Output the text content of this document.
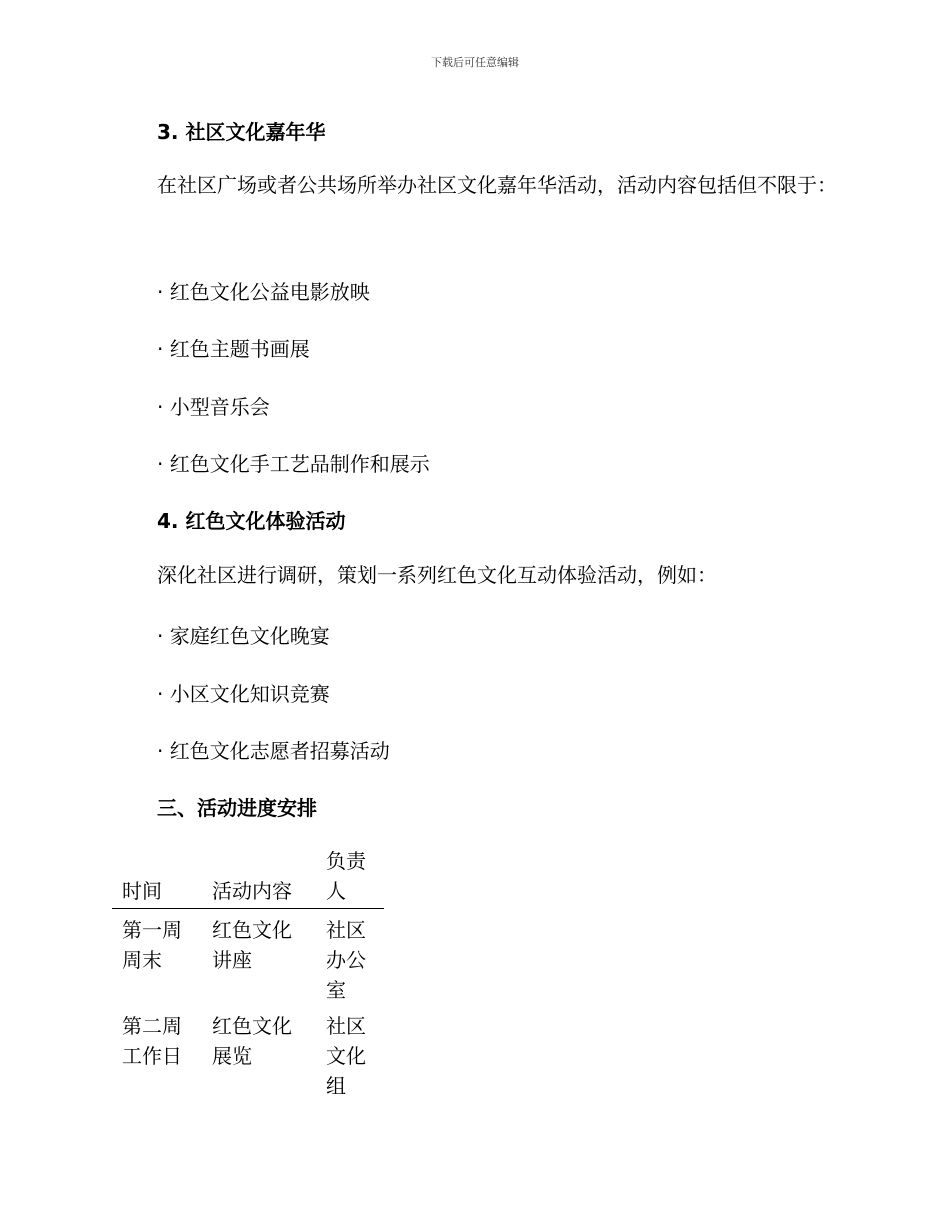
下载后可任意编辑
3. 社区文化嘉年华
在社区广场或者公共场所举办社区文化嘉年华活动，活动内容包括但不限于：
· 红色文化公益电影放映
· 红色主题书画展
· 小型音乐会
· 红色文化手工艺品制作和展示
4. 红色文化体验活动
深化社区进行调研，策划一系列红色文化互动体验活动，例如：
· 家庭红色文化晚宴
· 小区文化知识竞赛
· 红色文化志愿者招募活动
三、活动进度安排
时间	活动内容	负责人
第一周周末	红色文化讲座	社区办公室
第二周工作日	红色文化展览	社区文化组
